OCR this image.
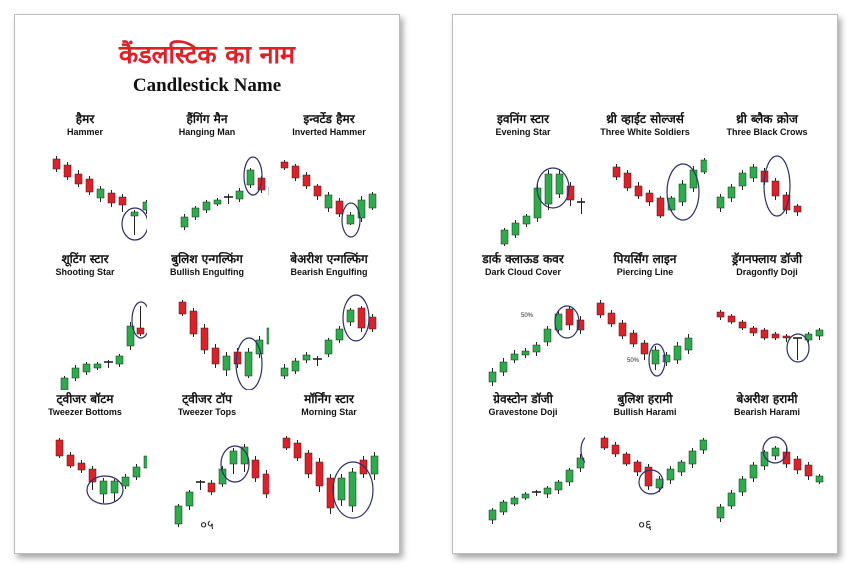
कैंडलस्टिक का नाम
Candlestick Name
हैमर
Hammer
हैंगिंग मैन
Hanging Man
इन्वर्टेड हैमर
Inverted Hammer
शूटिंग स्टार
Shooting Star
बुलिश एन्गल्फिंग
Bullish Engulfing
बेअरीश एन्गल्फिंग
Bearish Engulfing
ट्वीजर बॉटम
Tweezer Bottoms
ट्वीजर टॉप
Tweezer Tops
मॉर्निंग स्टार
Morning Star
०५
इवनिंग स्टार
Evening Star
थ्री व्हाईट सोल्जर्स
Three White Soldiers
थ्री ब्लैक क्रोज
Three Black Crows
डार्क क्लाऊड कवर
Dark Cloud Cover
50%
पियर्सिंग लाइन
Piercing Line
50%
ड्रॅगनफ्लाय डॉजी
Dragonfly Doji
ग्रेवस्टोन डॉजी
Gravestone Doji
बुलिश हरामी
Bullish Harami
बेअरीश हरामी
Bearish Harami
०६
